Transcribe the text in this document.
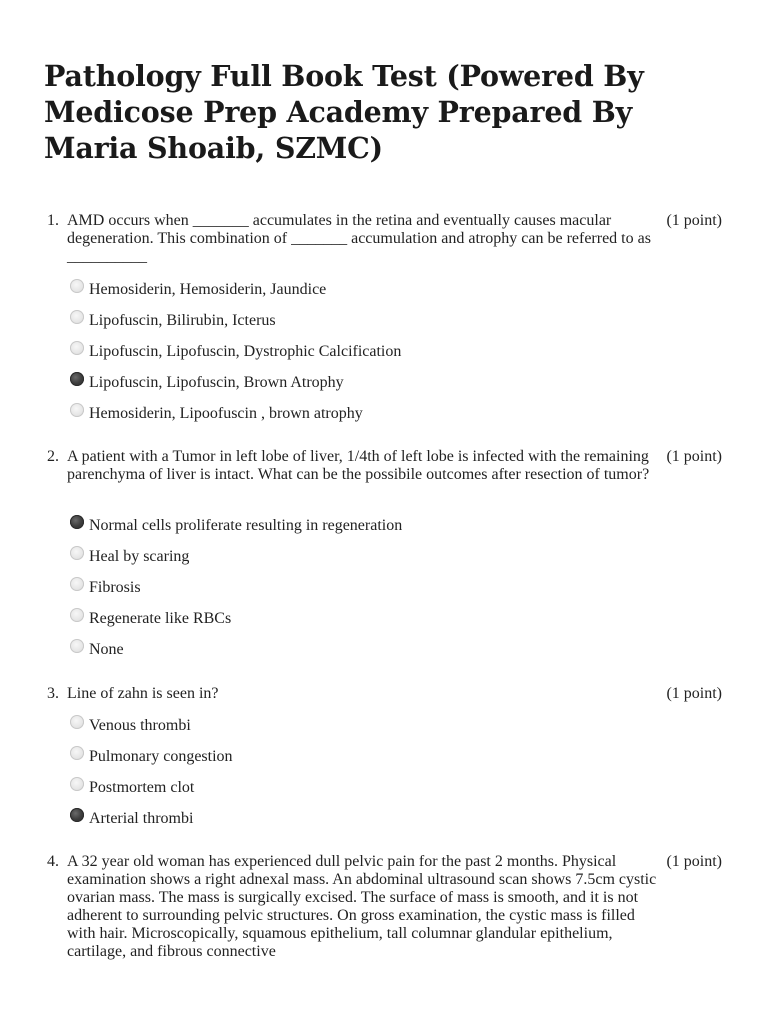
Pathology Full Book Test (Powered By Medicose Prep Academy Prepared By Maria Shoaib, SZMC)
1. AMD occurs when _______ accumulates in the retina and eventually causes macular degeneration. This combination of _______ accumulation and atrophy can be referred to as __________
(1 point)
Hemosiderin, Hemosiderin, Jaundice
Lipofuscin, Bilirubin, Icterus
Lipofuscin, Lipofuscin, Dystrophic Calcification
Lipofuscin, Lipofuscin, Brown Atrophy
Hemosiderin, Lipoofuscin , brown atrophy
2. A patient with a Tumor in left lobe of liver, 1/4th of left lobe is infected with the remaining parenchyma of liver is intact. What can be the possibile outcomes after resection of tumor?
(1 point)
Normal cells proliferate resulting in regeneration
Heal by scaring
Fibrosis
Regenerate like RBCs
None
3. Line of zahn is seen in?	(1 point)
Venous thrombi
Pulmonary congestion
Postmortem clot
Arterial thrombi
4. A 32 year old woman has experienced dull pelvic pain for the past 2 months. Physical examination shows a right adnexal mass. An abdominal ultrasound scan shows 7.5cm cystic ovarian mass. The mass is surgically excised. The surface of mass is smooth, and it is not adherent to surrounding pelvic structures. On gross examination, the cystic mass is filled with hair. Microscopically, squamous epithelium, tall columnar glandular epithelium, cartilage, and fibrous connective
(1 point)
